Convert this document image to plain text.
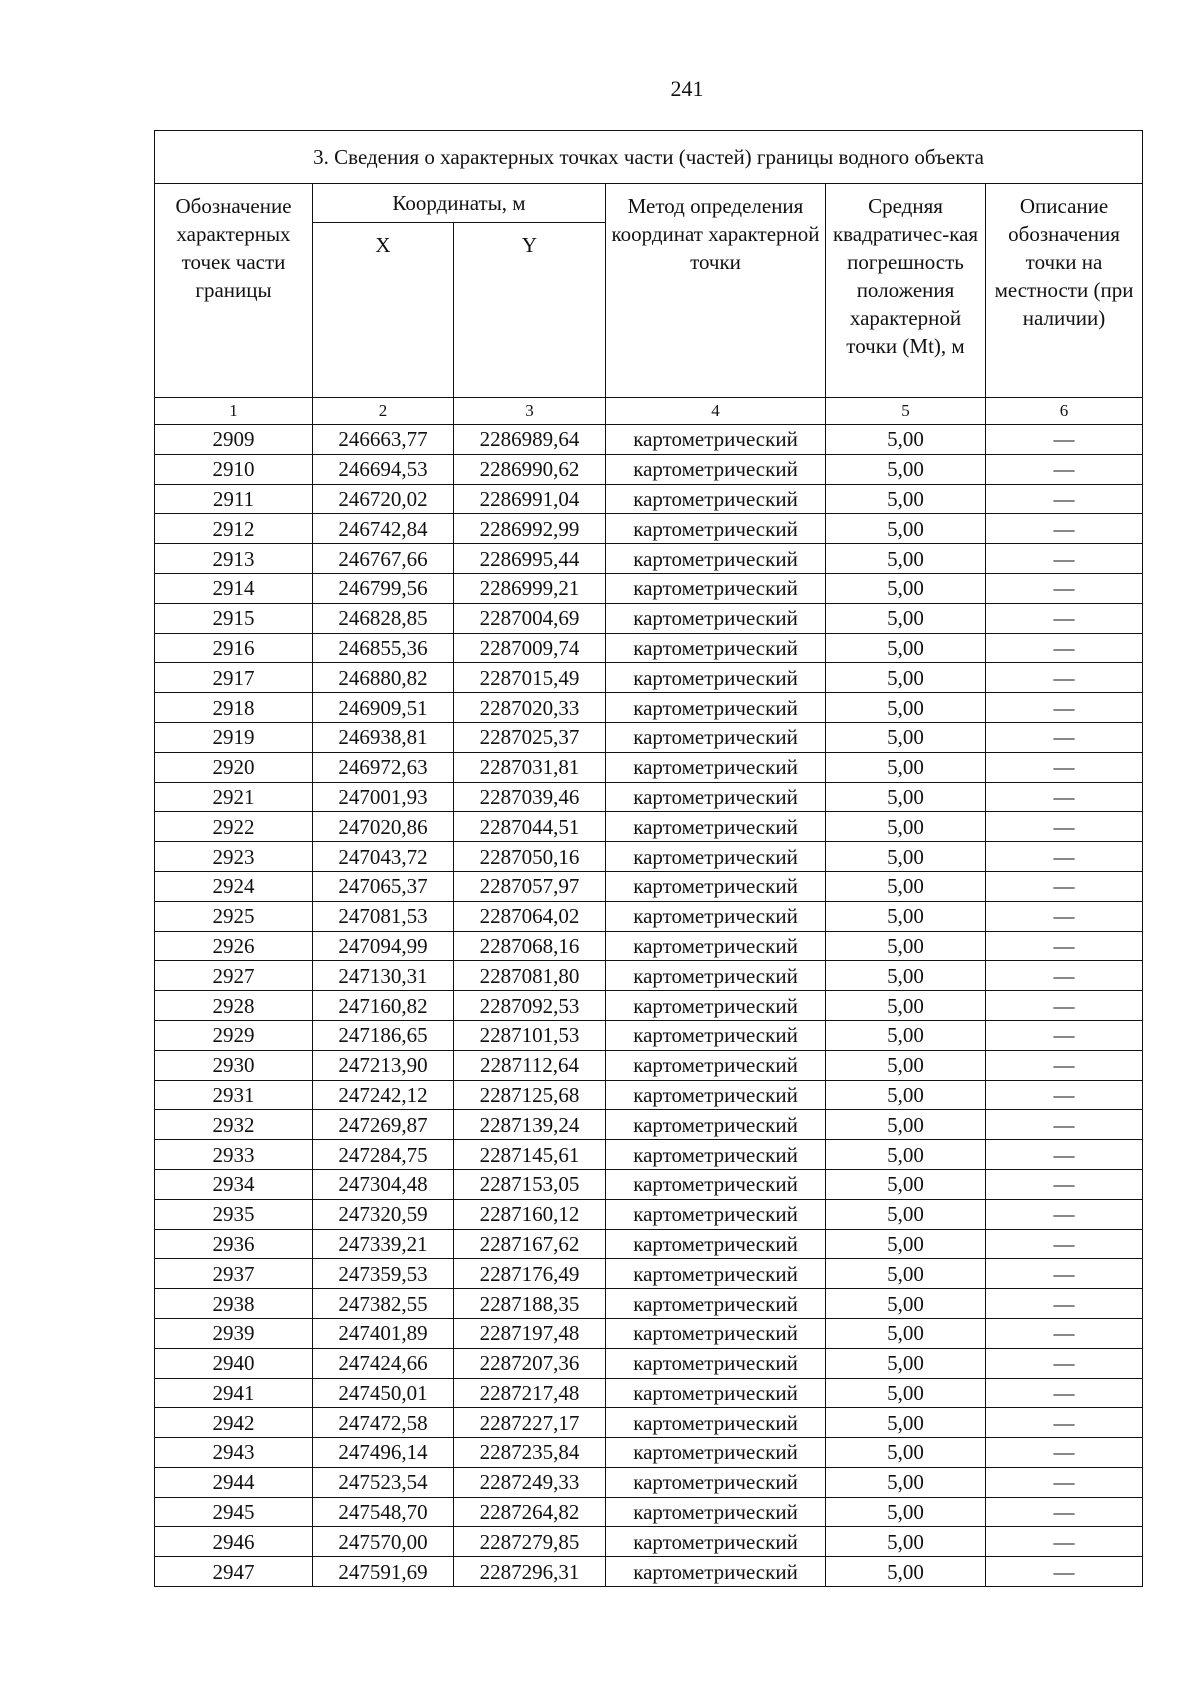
241
3. Сведения о характерных точках части (частей) границы водного объекта					
Обозначение характерных точек части границы	Координаты, м		Метод определения координат характерной точки	Средняя квадратичес-кая погрешность положения характерной точки (Mt), м	Описание обозначения точки на местности (при наличии)
	X	Y			
1	2	3	4	5	6
2909	246663,77	2286989,64	картометрический	5,00	—
2910	246694,53	2286990,62	картометрический	5,00	—
2911	246720,02	2286991,04	картометрический	5,00	—
2912	246742,84	2286992,99	картометрический	5,00	—
2913	246767,66	2286995,44	картометрический	5,00	—
2914	246799,56	2286999,21	картометрический	5,00	—
2915	246828,85	2287004,69	картометрический	5,00	—
2916	246855,36	2287009,74	картометрический	5,00	—
2917	246880,82	2287015,49	картометрический	5,00	—
2918	246909,51	2287020,33	картометрический	5,00	—
2919	246938,81	2287025,37	картометрический	5,00	—
2920	246972,63	2287031,81	картометрический	5,00	—
2921	247001,93	2287039,46	картометрический	5,00	—
2922	247020,86	2287044,51	картометрический	5,00	—
2923	247043,72	2287050,16	картометрический	5,00	—
2924	247065,37	2287057,97	картометрический	5,00	—
2925	247081,53	2287064,02	картометрический	5,00	—
2926	247094,99	2287068,16	картометрический	5,00	—
2927	247130,31	2287081,80	картометрический	5,00	—
2928	247160,82	2287092,53	картометрический	5,00	—
2929	247186,65	2287101,53	картометрический	5,00	—
2930	247213,90	2287112,64	картометрический	5,00	—
2931	247242,12	2287125,68	картометрический	5,00	—
2932	247269,87	2287139,24	картометрический	5,00	—
2933	247284,75	2287145,61	картометрический	5,00	—
2934	247304,48	2287153,05	картометрический	5,00	—
2935	247320,59	2287160,12	картометрический	5,00	—
2936	247339,21	2287167,62	картометрический	5,00	—
2937	247359,53	2287176,49	картометрический	5,00	—
2938	247382,55	2287188,35	картометрический	5,00	—
2939	247401,89	2287197,48	картометрический	5,00	—
2940	247424,66	2287207,36	картометрический	5,00	—
2941	247450,01	2287217,48	картометрический	5,00	—
2942	247472,58	2287227,17	картометрический	5,00	—
2943	247496,14	2287235,84	картометрический	5,00	—
2944	247523,54	2287249,33	картометрический	5,00	—
2945	247548,70	2287264,82	картометрический	5,00	—
2946	247570,00	2287279,85	картометрический	5,00	—
2947	247591,69	2287296,31	картометрический	5,00	—
